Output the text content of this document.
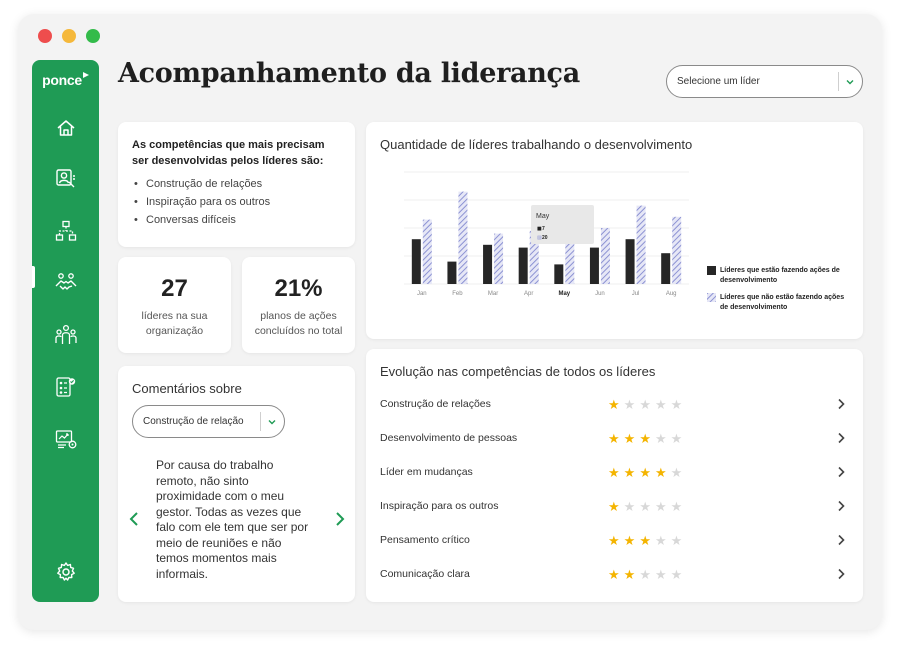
ponce	Acompanhamento da liderança	Selecione um líder
As competências que mais precisam ser desenvolvidas pelos líderes são:
• Construção de relações
• Inspiração para os outros
• Conversas difíceis
27
líderes na sua organização
21%
planos de ações concluídos no total
Comentários sobre
Construção de relação

Por causa do trabalho remoto, não sinto proximidade com o meu gestor. Todas as vezes que falo com ele tem que ser por meio de reuniões e não temos momentos mais informais.

Quantidade de líderes trabalhando o desenvolvimento
Jan	Feb	Mar	Apr	May	Jun	Jul	Aug
May
■ 7
▨ 20
Líderes que estão fazendo ações de desenvolvimento
Líderes que não estão fazendo ações de desenvolvimento
Evolução nas competências de todos os líderes
Construção de relações	★ ★ ★ ★ ★
Desenvolvimento de pessoas	★ ★ ★ ★ ★
Líder em mudanças	★ ★ ★ ★ ★
Inspiração para os outros	★ ★ ★ ★ ★
Pensamento crítico	★ ★ ★ ★ ★
Comunicação clara	★ ★ ★ ★ ★
